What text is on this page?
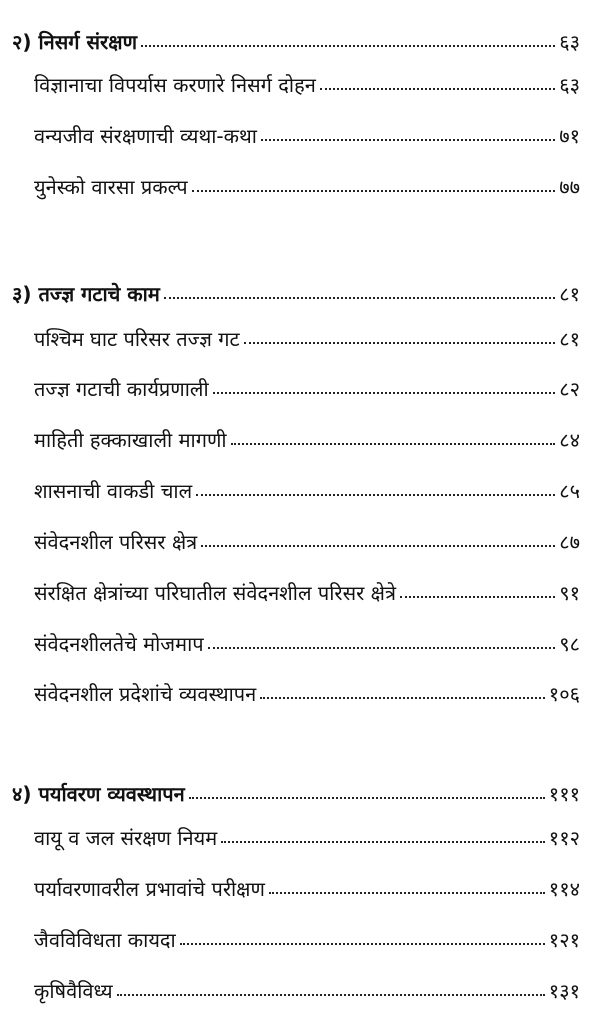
२) निसर्ग संरक्षण	६३
विज्ञानाचा विपर्यास करणारे निसर्ग दोहन	६३
वन्यजीव संरक्षणाची व्यथा-कथा	७१
युनेस्को वारसा प्रकल्प	७७
३) तज्ज्ञ गटाचे काम	८१
पश्चिम घाट परिसर तज्ज्ञ गट	८१
तज्ज्ञ गटाची कार्यप्रणाली	८२
माहिती हक्काखाली मागणी	८४
शासनाची वाकडी चाल	८५
संवेदनशील परिसर क्षेत्र	८७
संरक्षित क्षेत्रांच्या परिघातील संवेदनशील परिसर क्षेत्रे	९१
संवेदनशीलतेचे मोजमाप	९८
संवेदनशील प्रदेशांचे व्यवस्थापन	१०६
४) पर्यावरण व्यवस्थापन	१११
वायू व जल संरक्षण नियम	११२
पर्यावरणावरील प्रभावांचे परीक्षण	११४
जैवविविधता कायदा	१२१
कृषिवैविध्य	१३१
